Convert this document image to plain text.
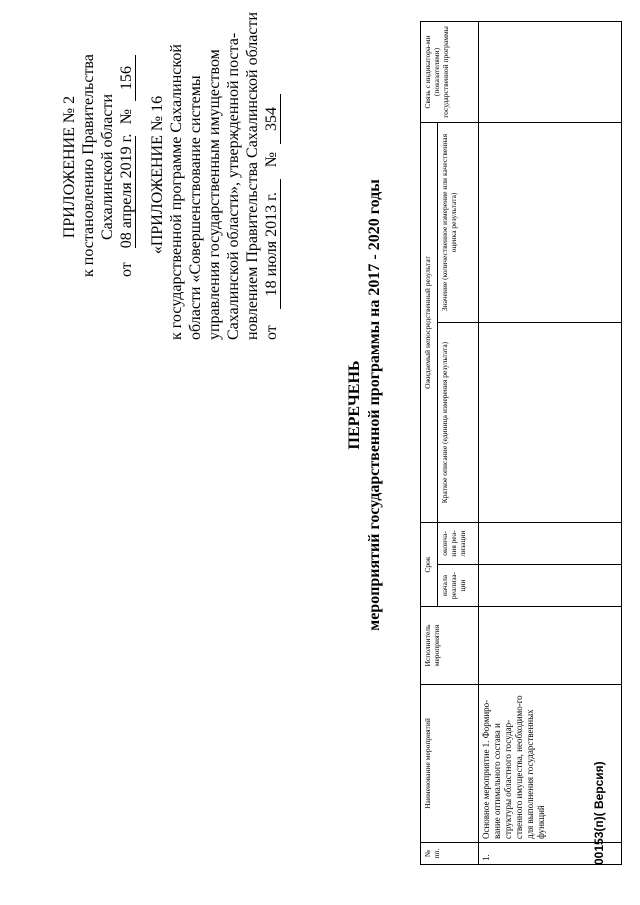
ПРИЛОЖЕНИЕ № 2 к постановлению Правительства Сахалинской области
от 08 апреля 2019 г. № 156
«ПРИЛОЖЕНИЕ № 16 к государственной программе Сахалинской области «Совершенствование системы управления государственным имуществом Сахалинской области», утвержденной поста- новлением Правительства Сахалинской области от 18 июля 2013 г. № 354
ПЕРЕЧЕНЬ мероприятий государственной программы на 2017 - 2020 годы
№ пп.	Наименование мероприятий	Исполнитель мероприятия	Срок		Ожидаемый непосредственный результат		Связь с индикатора-ми (показателями) государственной программы
			начала реализа-ции	оконча-ния реа-лизации	Краткое описание (единица измерения результата)	Значение (количественное измерение или качественная оценка результата)	
1.	Основное мероприятие 1. Формиро-вание оптимального состава и структуры областного государ-ственного имущества, необходимо-го для выполнения государственных функций							00153(п)( Версия)
